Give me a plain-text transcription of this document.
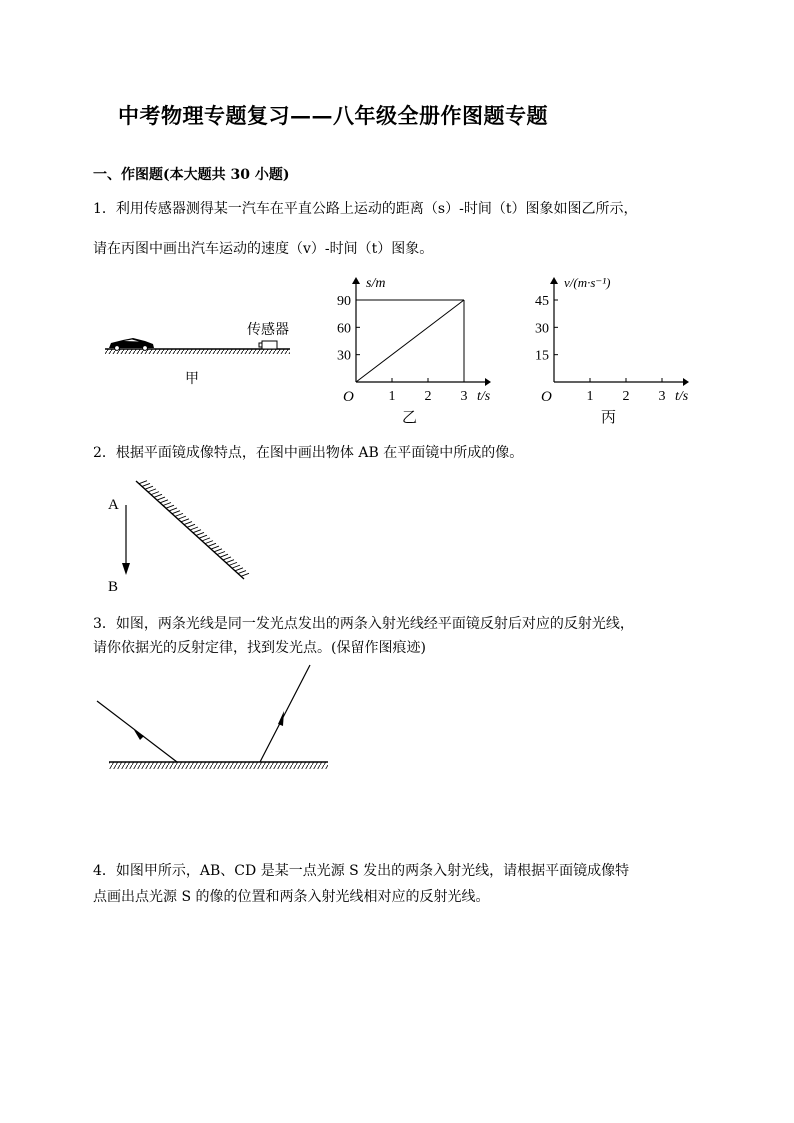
中考物理专题复习——八年级全册作图题专题
一、作图题(本大题共 30 小题)
1．利用传感器测得某一汽车在平直公路上运动的距离（s）-时间（t）图象如图乙所示，
请在丙图中画出汽车运动的速度（v）-时间（t）图象。
传感器
甲
30
60
90
1 2 3
s/m
t/s
O
乙
15
30
45
1 2 3
v/(m·s⁻¹)
t/s
O
丙
2．根据平面镜成像特点，在图中画出物体 AB 在平面镜中所成的像。
A
B
3．如图，两条光线是同一发光点发出的两条入射光线经平面镜反射后对应的反射光线，
请你依据光的反射定律，找到发光点。(保留作图痕迹)
4．如图甲所示，AB、CD 是某一点光源 S 发出的两条入射光线，请根据平面镜成像特
点画出点光源 S 的像的位置和两条入射光线相对应的反射光线。
